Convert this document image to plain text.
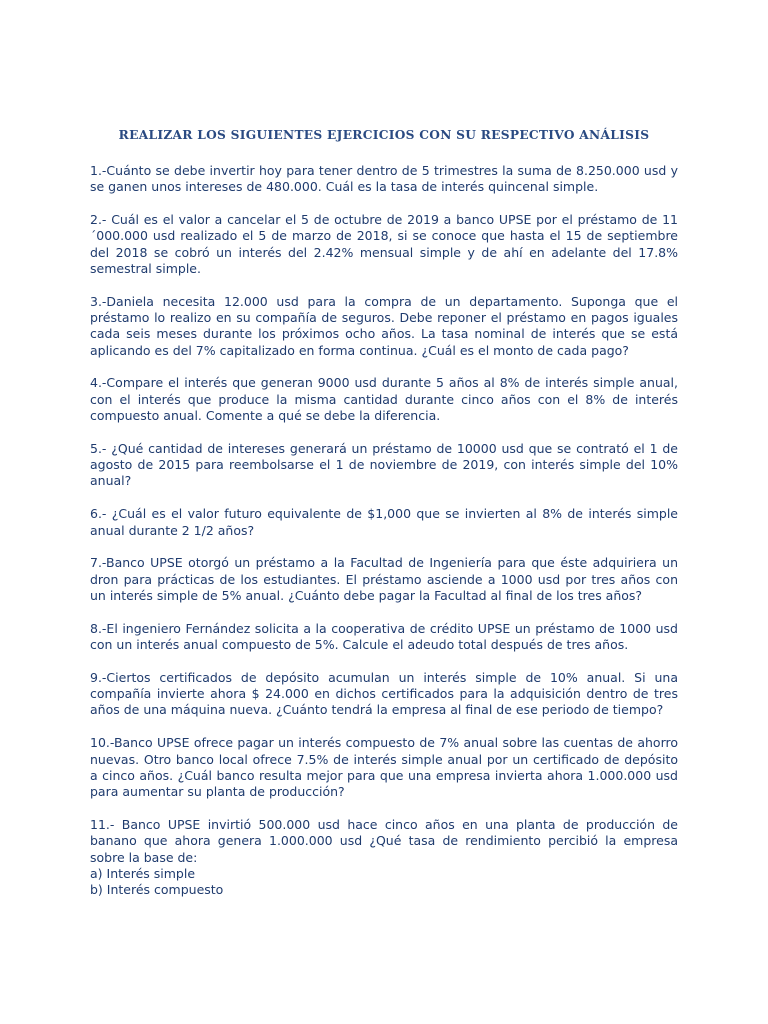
REALIZAR LOS SIGUIENTES EJERCICIOS CON SU RESPECTIVO ANÁLISIS

1.-Cuánto se debe invertir hoy para tener dentro de 5 trimestres la suma de 8.250.000 usd y se ganen unos intereses de 480.000. Cuál es la tasa de interés quincenal simple.

2.- Cuál es el valor a cancelar el 5 de octubre de 2019 a banco UPSE por el préstamo de 11´000.000 usd realizado el 5 de marzo de 2018, si se conoce que hasta el 15 de septiembre del 2018 se cobró un interés del 2.42% mensual simple y de ahí en adelante del 17.8% semestral simple.

3.-Daniela necesita 12.000 usd para la compra de un departamento. Suponga que el préstamo lo realizo en su compañía de seguros. Debe reponer el préstamo en pagos iguales cada seis meses durante los próximos ocho años. La tasa nominal de interés que se está aplicando es del 7% capitalizado en forma continua. ¿Cuál es el monto de cada pago?

4.-Compare el interés que generan 9000 usd durante 5 años al 8% de interés simple anual, con el interés que produce la misma cantidad durante cinco años con el 8% de interés compuesto anual. Comente a qué se debe la diferencia.

5.- ¿Qué cantidad de intereses generará un préstamo de 10000 usd que se contrató el 1 de agosto de 2015 para reembolsarse el 1 de noviembre de 2019, con interés simple del 10% anual?

6.- ¿Cuál es el valor futuro equivalente de $1,000 que se invierten al 8% de interés simple anual durante 2 1/2 años?

7.-Banco UPSE otorgó un préstamo a la Facultad de Ingeniería para que éste adquiriera un dron para prácticas de los estudiantes. El préstamo asciende a 1000 usd por tres años con un interés simple de 5% anual. ¿Cuánto debe pagar la Facultad al final de los tres años?

8.-El ingeniero Fernández solicita a la cooperativa de crédito UPSE un préstamo de 1000 usd con un interés anual compuesto de 5%. Calcule el adeudo total después de tres años.

9.-Ciertos certificados de depósito acumulan un interés simple de 10% anual. Si una compañía invierte ahora $ 24.000 en dichos certificados para la adquisición dentro de tres años de una máquina nueva. ¿Cuánto tendrá la empresa al final de ese periodo de tiempo?

10.-Banco UPSE ofrece pagar un interés compuesto de 7% anual sobre las cuentas de ahorro nuevas. Otro banco local ofrece 7.5% de interés simple anual por un certificado de depósito a cinco años. ¿Cuál banco resulta mejor para que una empresa invierta ahora 1.000.000 usd para aumentar su planta de producción?

11.- Banco UPSE invirtió 500.000 usd hace cinco años en una planta de producción de banano que ahora genera 1.000.000 usd ¿Qué tasa de rendimiento percibió la empresa sobre la base de:
a) Interés simple
b) Interés compuesto
